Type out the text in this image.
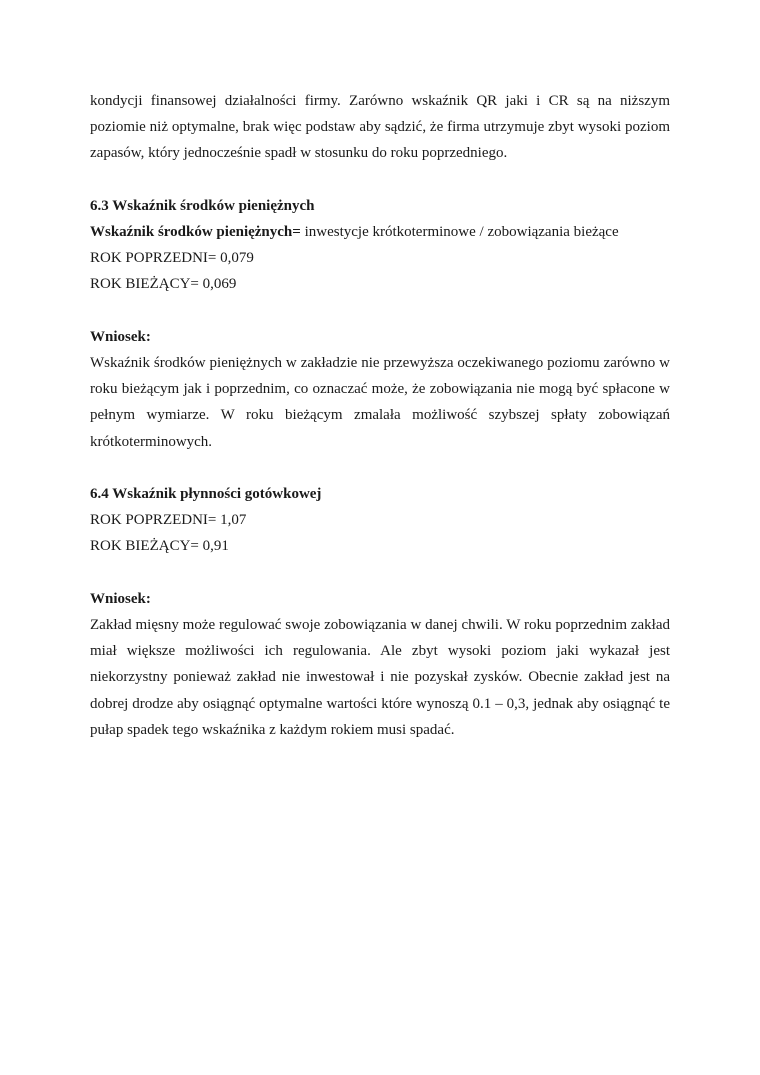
kondycji finansowej działalności firmy. Zarówno wskaźnik QR jaki i CR są na niższym poziomie niż optymalne, brak więc podstaw aby sądzić, że firma utrzymuje zbyt wysoki poziom zapasów, który jednocześnie spadł w stosunku do roku poprzedniego.

6.3 Wskaźnik środków pieniężnych

Wskaźnik środków pieniężnych= inwestycje krótkoterminowe / zobowiązania bieżące

ROK POPRZEDNI= 0,079

ROK BIEŻĄCY= 0,069

Wniosek:

Wskaźnik środków pieniężnych w zakładzie nie przewyższa oczekiwanego poziomu zarówno w roku bieżącym jak i poprzednim, co oznaczać może, że zobowiązania nie mogą być spłacone w pełnym wymiarze. W roku bieżącym zmalała możliwość szybszej spłaty zobowiązań krótkoterminowych.

6.4 Wskaźnik płynności gotówkowej

ROK POPRZEDNI= 1,07

ROK BIEŻĄCY= 0,91

Wniosek:

Zakład mięsny może regulować swoje zobowiązania w danej chwili. W roku poprzednim zakład miał większe możliwości ich regulowania. Ale zbyt wysoki poziom jaki wykazał jest niekorzystny ponieważ zakład nie inwestował i nie pozyskał zysków. Obecnie zakład jest na dobrej drodze aby osiągnąć optymalne wartości które wynoszą 0.1 – 0,3, jednak aby osiągnąć te pułap spadek tego wskaźnika z każdym rokiem musi spadać.
